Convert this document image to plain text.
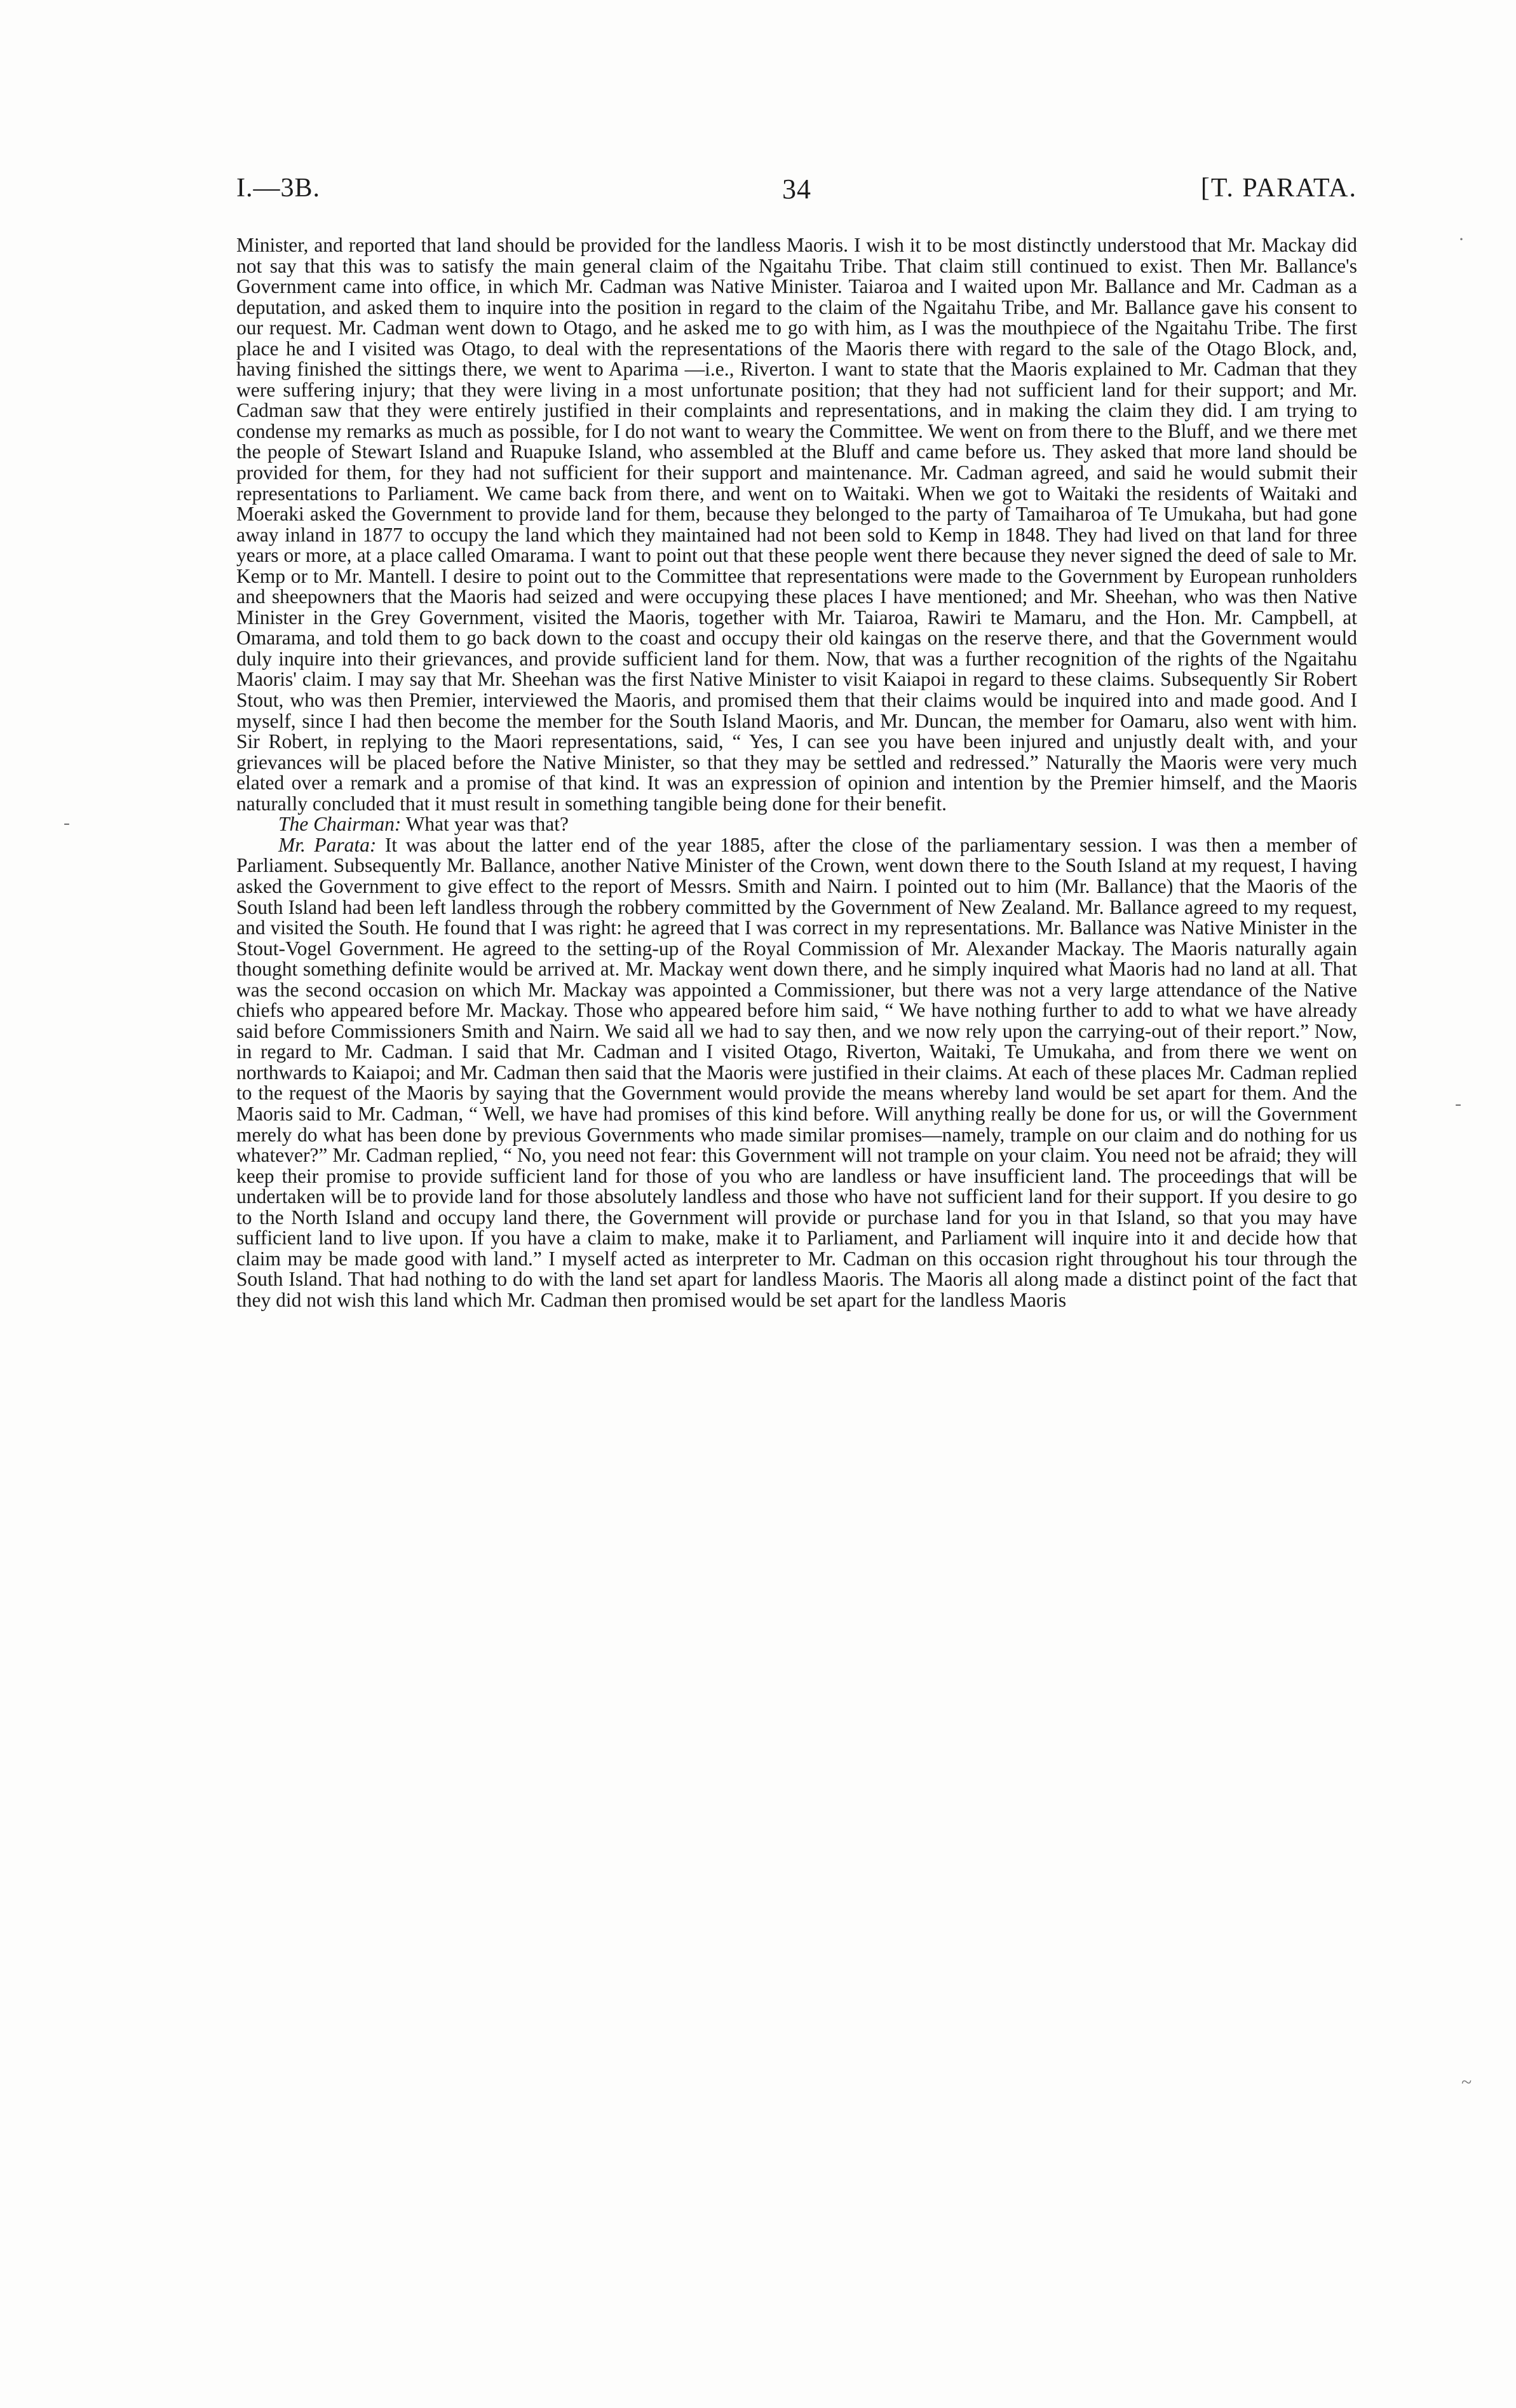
I.—3B.	34	[T. PARATA.

Minister, and reported that land should be provided for the landless Maoris. I wish it to be most distinctly understood that Mr. Mackay did not say that this was to satisfy the main general claim of the Ngaitahu Tribe. That claim still continued to exist. Then Mr. Ballance's Government came into office, in which Mr. Cadman was Native Minister. Taiaroa and I waited upon Mr. Ballance and Mr. Cadman as a deputation, and asked them to inquire into the position in regard to the claim of the Ngaitahu Tribe, and Mr. Ballance gave his consent to our request. Mr. Cadman went down to Otago, and he asked me to go with him, as I was the mouthpiece of the Ngaitahu Tribe. The first place he and I visited was Otago, to deal with the representations of the Maoris there with regard to the sale of the Otago Block, and, having finished the sittings there, we went to Aparima —i.e., Riverton. I want to state that the Maoris explained to Mr. Cadman that they were suffering injury; that they were living in a most unfortunate position; that they had not sufficient land for their support; and Mr. Cadman saw that they were entirely justified in their complaints and representations, and in making the claim they did. I am trying to condense my remarks as much as possible, for I do not want to weary the Committee. We went on from there to the Bluff, and we there met the people of Stewart Island and Ruapuke Island, who assembled at the Bluff and came before us. They asked that more land should be provided for them, for they had not sufficient for their support and maintenance. Mr. Cadman agreed, and said he would submit their representations to Parliament. We came back from there, and went on to Waitaki. When we got to Waitaki the residents of Waitaki and Moeraki asked the Government to provide land for them, because they belonged to the party of Tamaiharoa of Te Umukaha, but had gone away inland in 1877 to occupy the land which they maintained had not been sold to Kemp in 1848. They had lived on that land for three years or more, at a place called Omarama. I want to point out that these people went there because they never signed the deed of sale to Mr. Kemp or to Mr. Mantell. I desire to point out to the Committee that representations were made to the Government by European runholders and sheepowners that the Maoris had seized and were occupying these places I have mentioned; and Mr. Sheehan, who was then Native Minister in the Grey Government, visited the Maoris, together with Mr. Taiaroa, Rawiri te Mamaru, and the Hon. Mr. Campbell, at Omarama, and told them to go back down to the coast and occupy their old kaingas on the reserve there, and that the Government would duly inquire into their grievances, and provide sufficient land for them. Now, that was a further recognition of the rights of the Ngaitahu Maoris' claim. I may say that Mr. Sheehan was the first Native Minister to visit Kaiapoi in regard to these claims. Subsequently Sir Robert Stout, who was then Premier, interviewed the Maoris, and promised them that their claims would be inquired into and made good. And I myself, since I had then become the member for the South Island Maoris, and Mr. Duncan, the member for Oamaru, also went with him. Sir Robert, in replying to the Maori representations, said, “ Yes, I can see you have been injured and unjustly dealt with, and your grievances will be placed before the Native Minister, so that they may be settled and redressed.” Naturally the Maoris were very much elated over a remark and a promise of that kind. It was an expression of opinion and intention by the Premier himself, and the Maoris naturally concluded that it must result in something tangible being done for their benefit.

The Chairman: What year was that?

Mr. Parata: It was about the latter end of the year 1885, after the close of the parliamentary session. I was then a member of Parliament. Subsequently Mr. Ballance, another Native Minister of the Crown, went down there to the South Island at my request, I having asked the Government to give effect to the report of Messrs. Smith and Nairn. I pointed out to him (Mr. Ballance) that the Maoris of the South Island had been left landless through the robbery committed by the Government of New Zealand. Mr. Ballance agreed to my request, and visited the South. He found that I was right: he agreed that I was correct in my representations. Mr. Ballance was Native Minister in the Stout-Vogel Government. He agreed to the setting-up of the Royal Commission of Mr. Alexander Mackay. The Maoris naturally again thought something definite would be arrived at. Mr. Mackay went down there, and he simply inquired what Maoris had no land at all. That was the second occasion on which Mr. Mackay was appointed a Commissioner, but there was not a very large attendance of the Native chiefs who appeared before Mr. Mackay. Those who appeared before him said, “ We have nothing further to add to what we have already said before Commissioners Smith and Nairn. We said all we had to say then, and we now rely upon the carrying-out of their report.” Now, in regard to Mr. Cadman. I said that Mr. Cadman and I visited Otago, Riverton, Waitaki, Te Umukaha, and from there we went on northwards to Kaiapoi; and Mr. Cadman then said that the Maoris were justified in their claims. At each of these places Mr. Cadman replied to the request of the Maoris by saying that the Government would provide the means whereby land would be set apart for them. And the Maoris said to Mr. Cadman, “ Well, we have had promises of this kind before. Will anything really be done for us, or will the Government merely do what has been done by previous Governments who made similar promises—namely, trample on our claim and do nothing for us whatever?” Mr. Cadman replied, “ No, you need not fear: this Government will not trample on your claim. You need not be afraid; they will keep their promise to provide sufficient land for those of you who are landless or have insufficient land. The proceedings that will be undertaken will be to provide land for those absolutely landless and those who have not sufficient land for their support. If you desire to go to the North Island and occupy land there, the Government will provide or purchase land for you in that Island, so that you may have sufficient land to live upon. If you have a claim to make, make it to Parliament, and Parliament will inquire into it and decide how that claim may be made good with land.” I myself acted as interpreter to Mr. Cadman on this occasion right throughout his tour through the South Island. That had nothing to do with the land set apart for landless Maoris. The Maoris all along made a distinct point of the fact that they did not wish this land which Mr. Cadman then promised would be set apart for the landless Maoris

·
-
-
~
